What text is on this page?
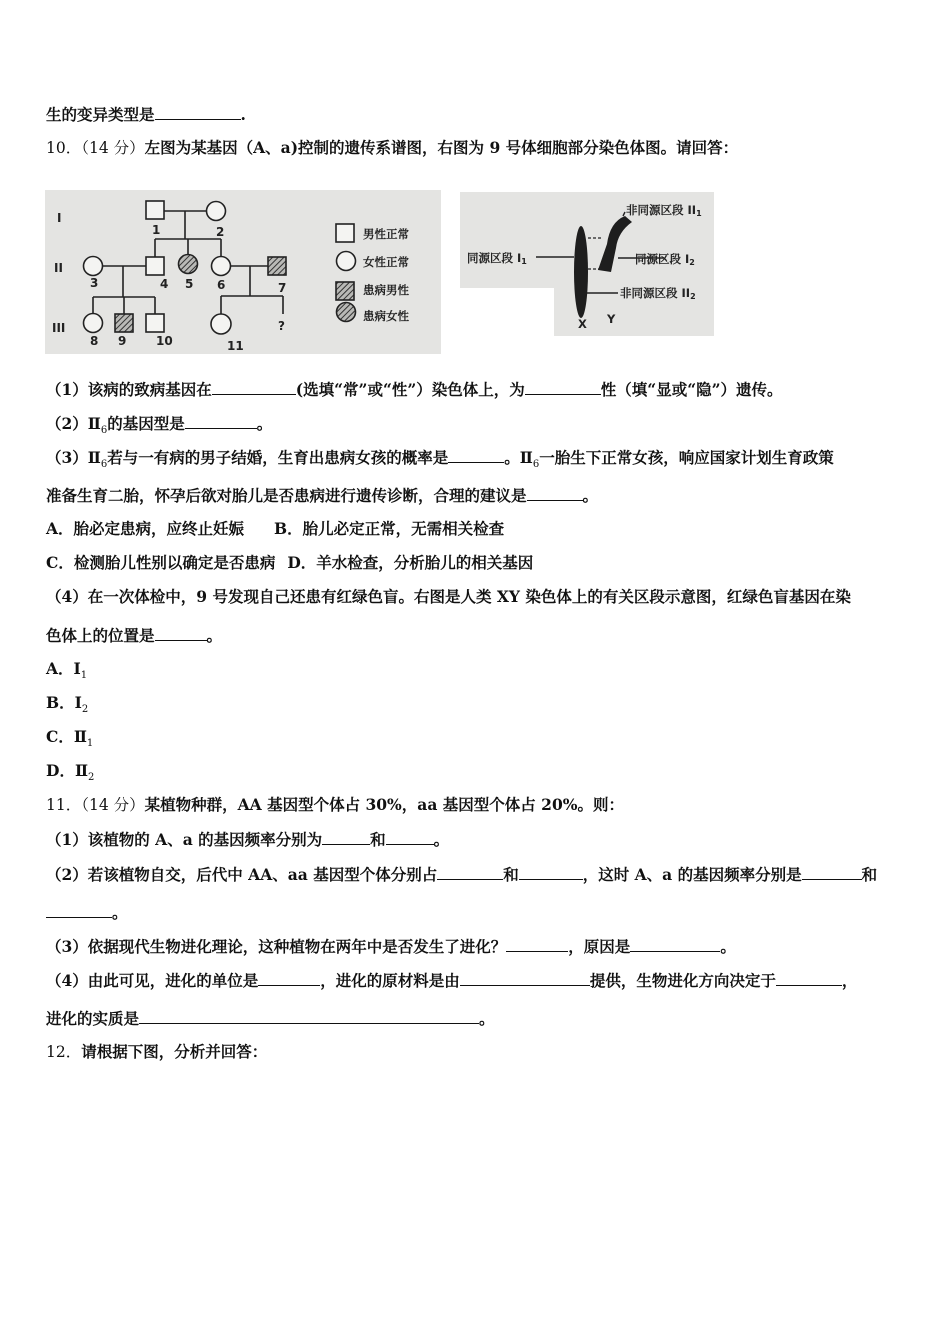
生的变异类型是	.
10．（14 分）左图为某基因（A、a)控制的遗传系谱图，右图为 9 号体细胞部分染色体图。请回答：
I
II
III
1	2
3	4 5 6	7
8 9 10	11
?
男性正常
女性正常
患病男性
患病女性
同源区段 I1
非同源区段 II1
同源区段 I2
非同源区段 II2
X Y
（1）该病的致病基因在	(选填“常”或“性”）染色体上，为	性（填“显或“隐”）遗传。
$(2)Ⅱ_6$的基因型是	。
$(3)Ⅱ_6$若与一有病的男子结婚，生育出患病女孩的概率是	。$Ⅱ_6$一胎生下正常女孩，响应国家计划生育政策
准备生育二胎，怀孕后欲对胎儿是否患病进行遗传诊断，合理的建议是	。
A．胎必定患病，应终止妊娠 B．胎儿必定正常，无需相关检查
C．检测胎儿性别以确定是否患病 D．羊水检查，分析胎儿的相关基因
（4）在一次体检中，9 号发现自己还患有红绿色盲。右图是人类 XY 染色体上的有关区段示意图，红绿色盲基因在染
色体上的位置是	。
A．$I_1$
B．$I_2$
C．$Ⅱ_1$
D．$Ⅱ_2$
11．（14 分）某植物种群，AA 基因型个体占 30%，aa 基因型个体占 20%。则：
（1）该植物的 A、a 的基因频率分别为	和	。
（2）若该植物自交，后代中 AA、aa 基因型个体分别占	和	，这时 A、a 的基因频率分别是	和
。
（3）依据现代生物进化理论，这种植物在两年中是否发生了进化？	，原因是	。
（4）由此可见，进化的单位是	，进化的原材料是由	提供，生物进化方向决定于	，
进化的实质是	。
12．请根据下图，分析并回答：
